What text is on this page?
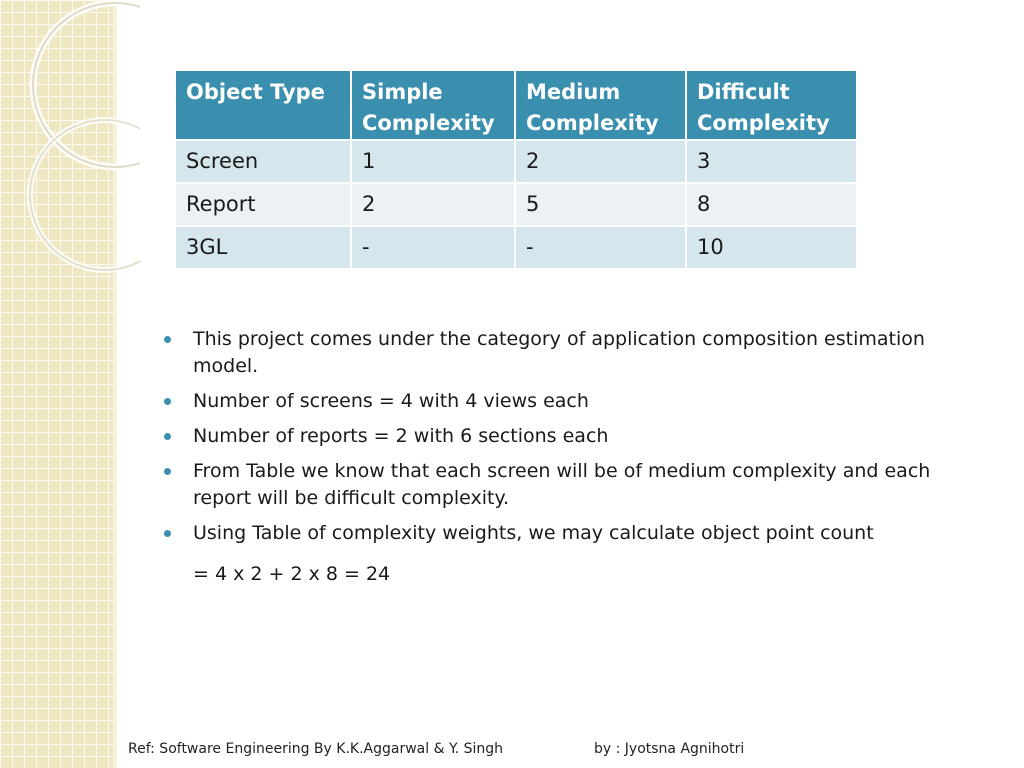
Object Type	Simple Complexity	Medium Complexity	Difficult Complexity
Screen	1	2	3
Report	2	5	8
3GL	-	-	10
This project comes under the category of application composition estimation model.
Number of screens = 4 with 4 views each
Number of reports = 2 with 6 sections each
From Table we know that each screen will be of medium complexity and each report will be difficult complexity.
Using Table of complexity weights, we may calculate object point count
= 4 x 2 + 2 x 8 = 24
Ref: Software Engineering By K.K.Aggarwal & Y. Singh	by : Jyotsna Agnihotri
